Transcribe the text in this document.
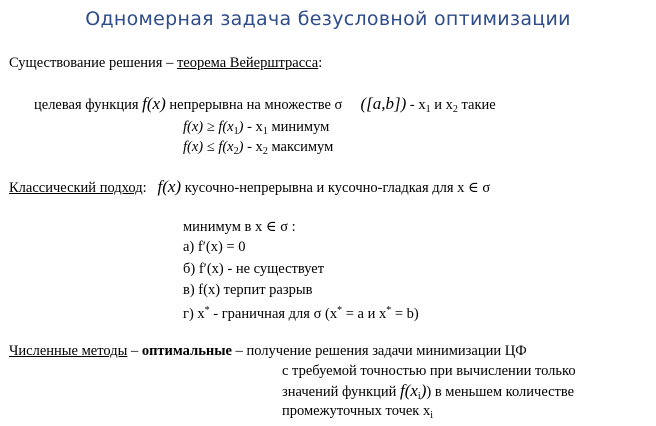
Одномерная задача безусловной оптимизации
Существование решения – теорема Вейерштрасса:
целевая функция f(x) непрерывна на множестве σ $([a,b]) - x_1$ и $x_2$ такие
$f(x) \ge f(x_1) - x_1$ минимум
$f(x) \le f(x_2) - x_2$ максимум
Классический подход: f(x) кусочно-непрерывна и кусочно-гладкая для x ∈ σ
минимум в x ∈ σ :
а) f′(x) = 0
б) f′(x) - не существует
в) f(x) терпит разрыв
г) x* - граничная для σ (x* = a и x* = b)
Численные методы – оптимальные – получение решения задачи минимизации ЦФ
с требуемой точностью при вычислении только
значений функций $f(x_i)$) в меньшем количестве
промежуточных точек $x_i$
